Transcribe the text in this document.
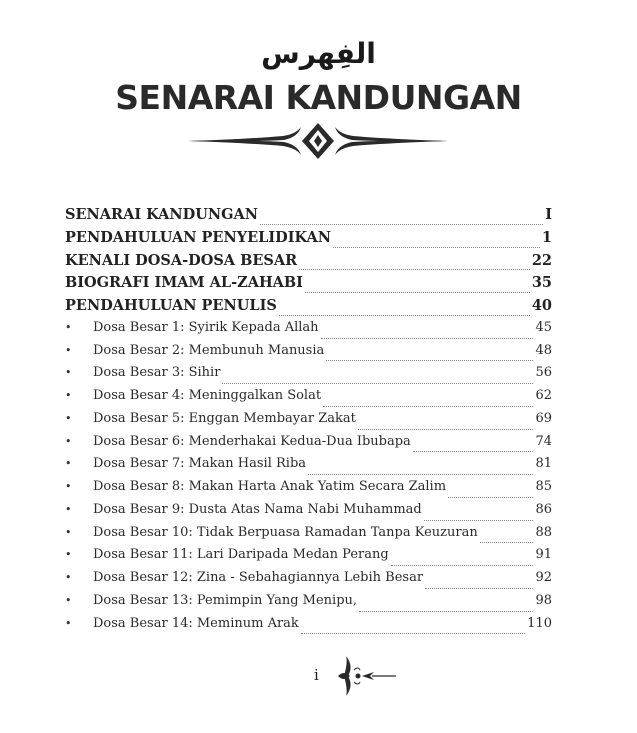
الفِهرس
SENARAI KANDUNGAN
SENARAI KANDUNGAN	I
PENDAHULUAN PENYELIDIKAN	1
KENALI DOSA-DOSA BESAR	22
BIOGRAFI IMAM AL-ZAHABI	35
PENDAHULUAN PENULIS	40
•	Dosa Besar 1: Syirik Kepada Allah	45
•	Dosa Besar 2: Membunuh Manusia	48
•	Dosa Besar 3: Sihir	56
•	Dosa Besar 4: Meninggalkan Solat	62
•	Dosa Besar 5: Enggan Membayar Zakat	69
•	Dosa Besar 6: Menderhakai Kedua-Dua Ibubapa	74
•	Dosa Besar 7: Makan Hasil Riba	81
•	Dosa Besar 8: Makan Harta Anak Yatim Secara Zalim	85
•	Dosa Besar 9: Dusta Atas Nama Nabi Muhammad	86
•	Dosa Besar 10: Tidak Berpuasa Ramadan Tanpa Keuzuran	88
•	Dosa Besar 11: Lari Daripada Medan Perang	91
•	Dosa Besar 12: Zina - Sebahagiannya Lebih Besar	92
•	Dosa Besar 13: Pemimpin Yang Menipu,	98
•	Dosa Besar 14: Meminum Arak	110
i
